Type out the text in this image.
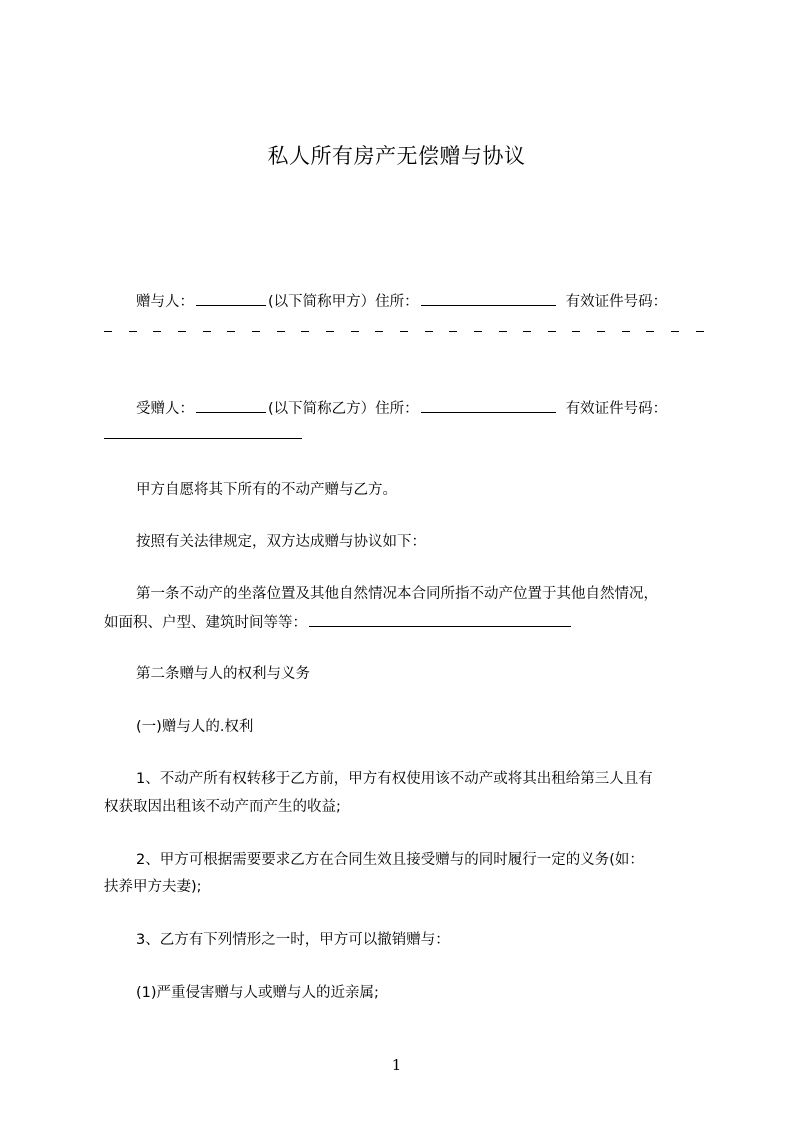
私人所有房产无偿赠与协议
赠与人：	(以下简称甲方）住所：	有效证件号码：
受赠人：	(以下简称乙方）住所：	有效证件号码：
甲方自愿将其下所有的不动产赠与乙方。
按照有关法律规定，双方达成赠与协议如下：
第一条不动产的坐落位置及其他自然情况本合同所指不动产位置于其他自然情况，
如面积、户型、建筑时间等等：
第二条赠与人的权利与义务
(一)赠与人的.权利
1、不动产所有权转移于乙方前，甲方有权使用该不动产或将其出租给第三人且有
权获取因出租该不动产而产生的收益;
2、甲方可根据需要要求乙方在合同生效且接受赠与的同时履行一定的义务(如：
扶养甲方夫妻);
3、乙方有下列情形之一时，甲方可以撤销赠与：
(1)严重侵害赠与人或赠与人的近亲属;
1
